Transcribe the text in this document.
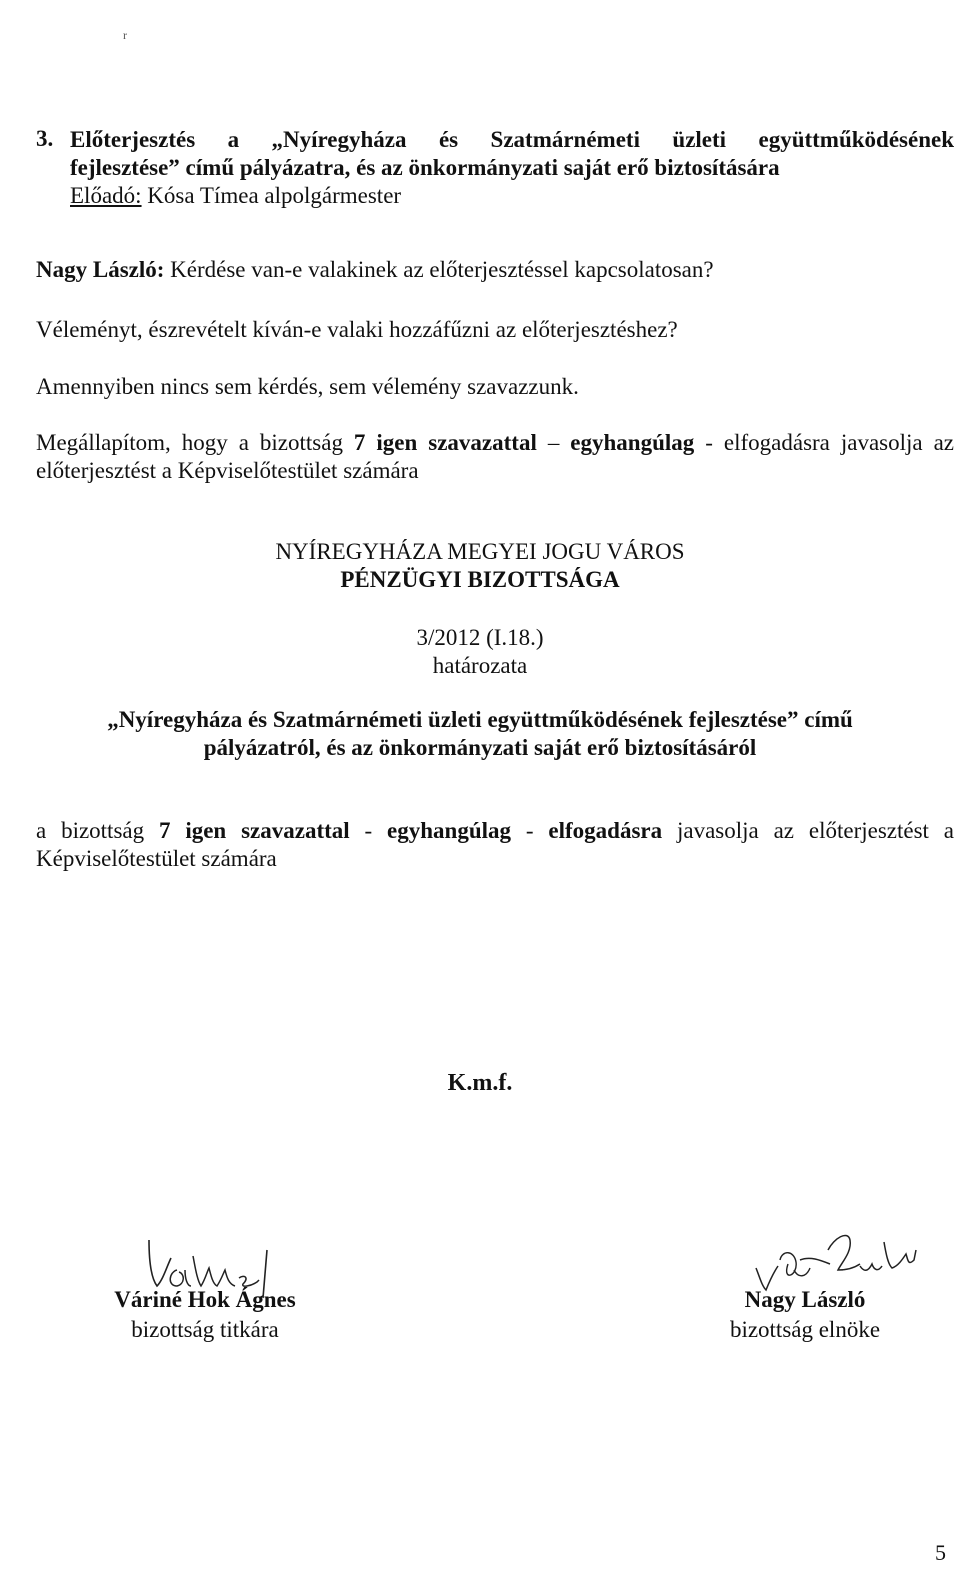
r
3. Előterjesztés a „Nyíregyháza és Szatmárnémeti üzleti együttműködésének
fejlesztése” című pályázatra, és az önkormányzati saját erő biztosítására
Előadó: Kósa Tímea alpolgármester
Nagy László: Kérdése van-e valakinek az előterjesztéssel kapcsolatosan?
Véleményt, észrevételt kíván-e valaki hozzáfűzni az előterjesztéshez?
Amennyiben nincs sem kérdés, sem vélemény szavazzunk.
Megállapítom, hogy a bizottság 7 igen szavazattal – egyhangúlag - elfogadásra javasolja az
előterjesztést a Képviselőtestület számára
NYÍREGYHÁZA MEGYEI JOGU VÁROS
PÉNZÜGYI BIZOTTSÁGA
3/2012 (I.18.)
határozata
„Nyíregyháza és Szatmárnémeti üzleti együttműködésének fejlesztése” című
pályázatról, és az önkormányzati saját erő biztosításáról
a bizottság 7 igen szavazattal - egyhangúlag - elfogadásra javasolja az előterjesztést a
Képviselőtestület számára
K.m.f.
Váriné Hok Ágnes
bizottság titkára
Nagy László
bizottság elnöke
5
